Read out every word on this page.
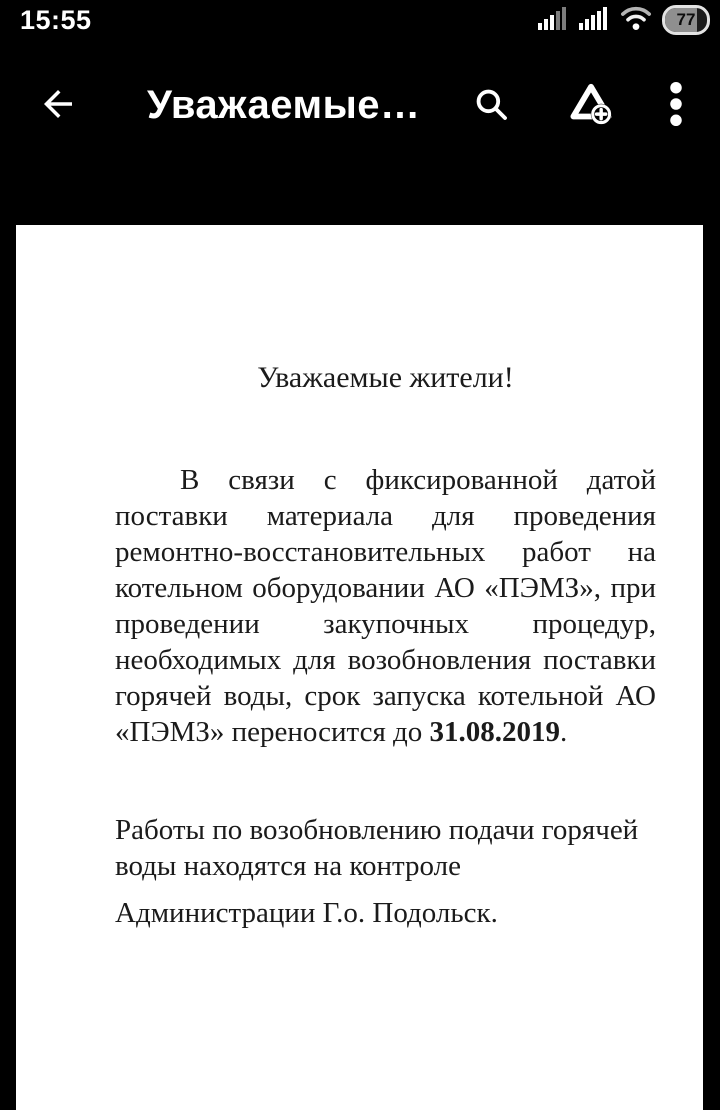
15:55	77
Уважаемые…
Уважаемые жители!
В связи с фиксированной датой
поставки материала для проведения
ремонтно-восстановительных работ на
котельном оборудовании АО «ПЭМЗ», при
проведении закупочных процедур,
необходимых для возобновления поставки
горячей воды, срок запуска котельной АО
«ПЭМЗ» переносится до 31.08.2019.
Работы по возобновлению подачи горячей
воды находятся на контроле
Администрации Г.о. Подольск.
